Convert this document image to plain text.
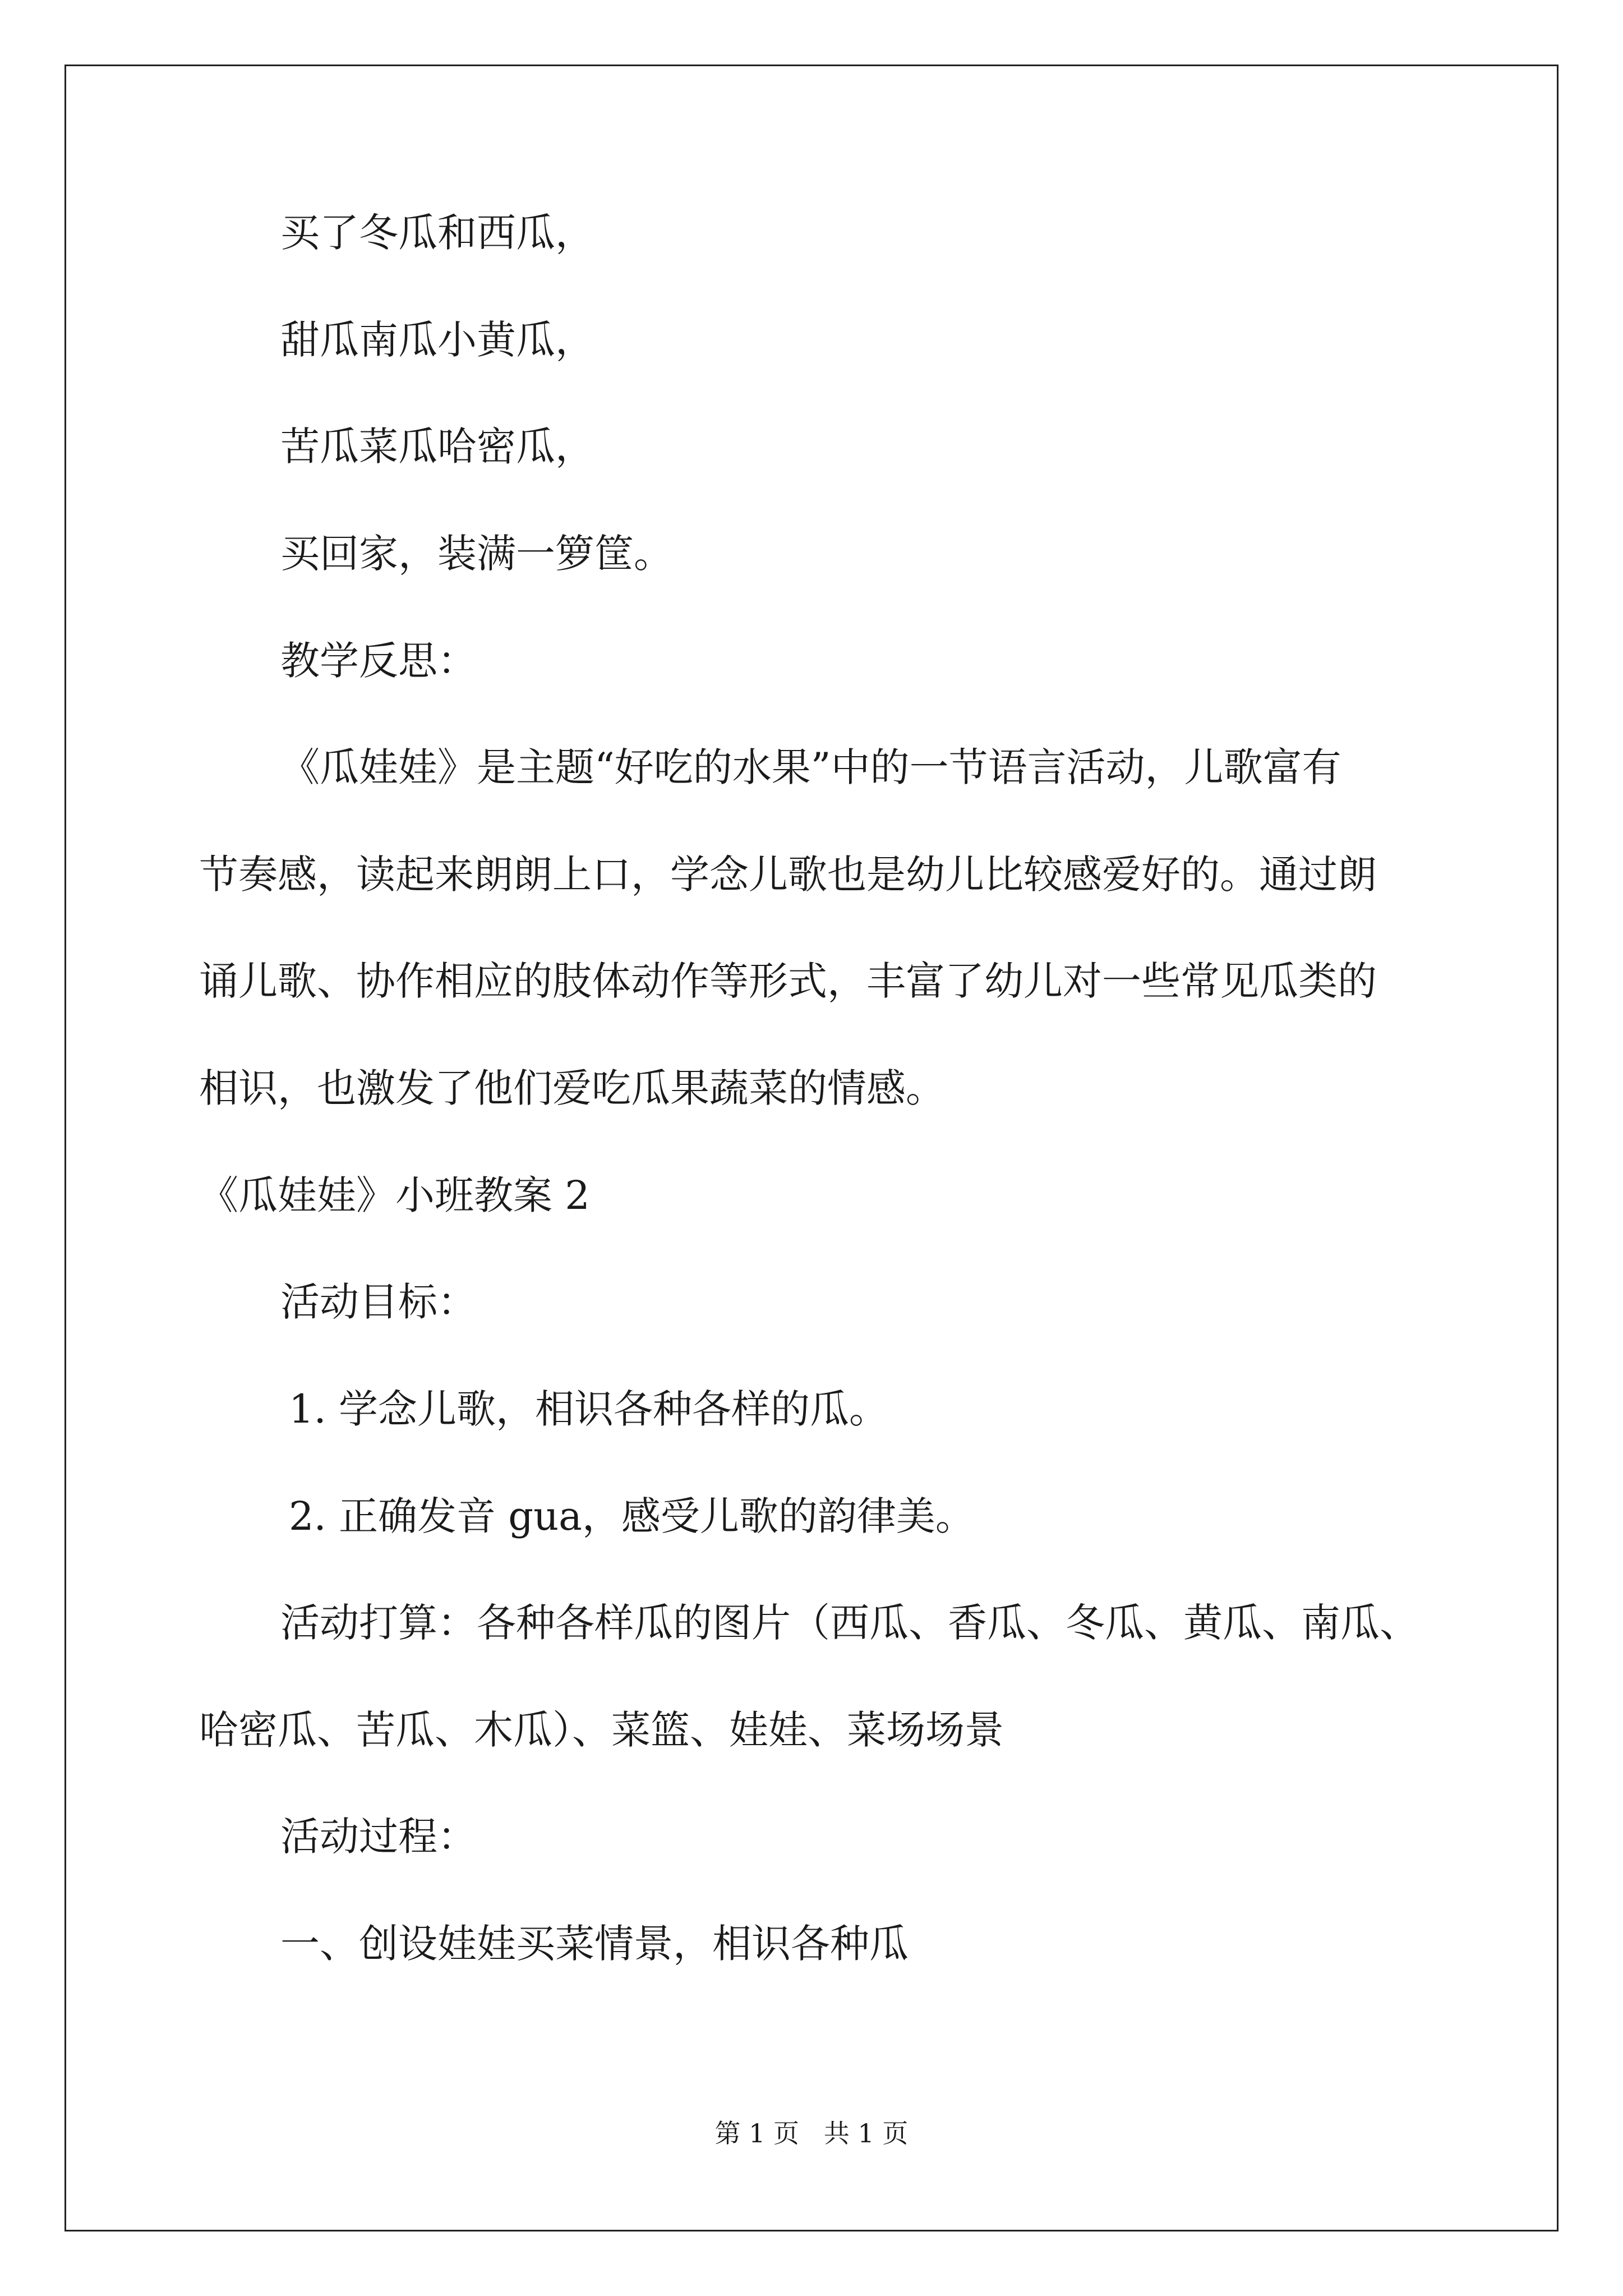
买了冬瓜和西瓜，
甜瓜南瓜小黄瓜，
苦瓜菜瓜哈密瓜，
买回家，装满一箩筐。
教学反思：
《瓜娃娃》是主题“好吃的水果”中的一节语言活动，儿歌富有
节奏感，读起来朗朗上口，学念儿歌也是幼儿比较感爱好的。通过朗
诵儿歌、协作相应的肢体动作等形式，丰富了幼儿对一些常见瓜类的
相识，也激发了他们爱吃瓜果蔬菜的情感。
《瓜娃娃》小班教案 2
活动目标：
1. 学念儿歌，相识各种各样的瓜。
2. 正确发音 gua，感受儿歌的韵律美。
活动打算：各种各样瓜的图片（西瓜、香瓜、冬瓜、黄瓜、南瓜、
哈密瓜、苦瓜、木瓜）、菜篮、娃娃、菜场场景
活动过程：
一、创设娃娃买菜情景，相识各种瓜
第 1 页   共 1 页
